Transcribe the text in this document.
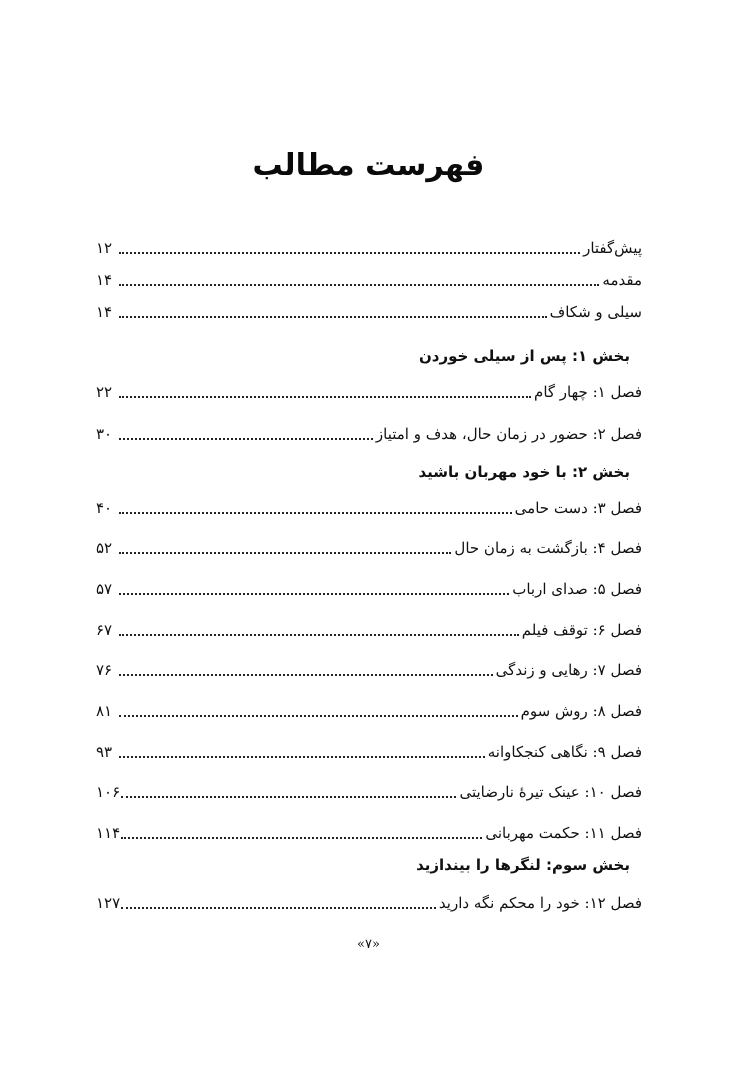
فهرست مطالب
پیش‌گفتار
۱۲
مقدمه
۱۴
سیلی و شکاف
۱۴
بخش ۱: پس از سیلی خوردن
فصل ۱: چهار گام
۲۲
فصل ۲: حضور در زمان حال، هدف و امتیاز
۳۰
بخش ۲: با خود مهربان باشید
فصل ۳: دست حامی
۴۰
فصل ۴: بازگشت به زمان حال
۵۲
فصل ۵: صدای ارباب
۵۷
فصل ۶: توقف فیلم
۶۷
فصل ۷: رهایی و زندگی
۷۶
فصل ۸: روش سوم
۸۱
فصل ۹: نگاهی کنجکاوانه
۹۳
فصل ۱۰: عینک تیرهٔ نارضایتی
۱۰۶
فصل ۱۱: حکمت مهربانی
۱۱۴
بخش سوم: لنگرها را بیندازید
فصل ۱۲: خود را محکم نگه دارید
۱۲۷
«۷»
